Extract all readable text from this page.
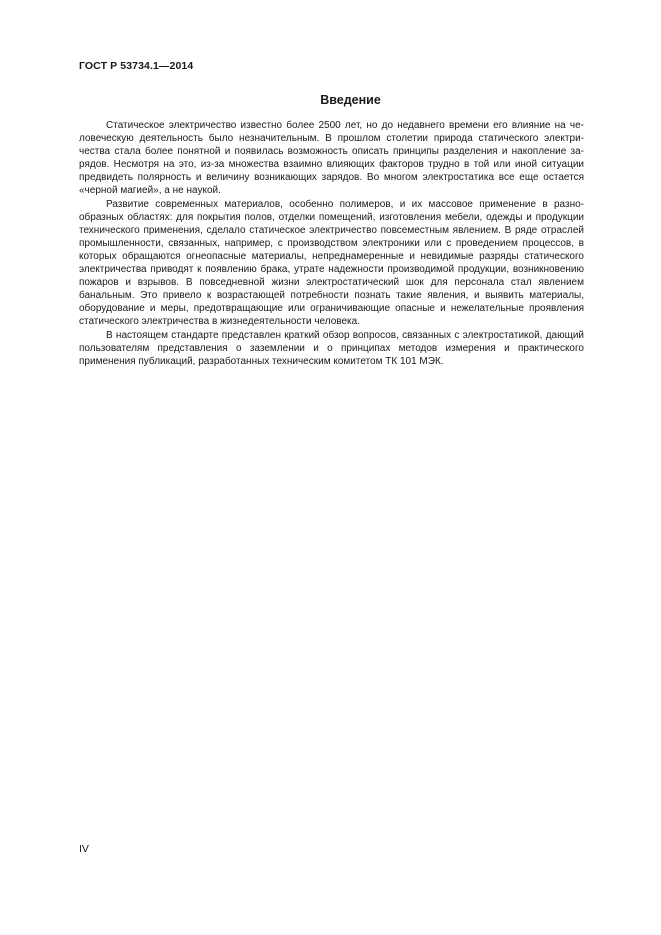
ГОСТ Р 53734.1—2014
Введение

Статическое электричество известно более 2500 лет, но до недавнего времени его влияние на человеческую деятельность было незначительным. В прошлом столетии природа статического электричества стала более понятной и появилась возможность описать принципы разделения и накопление зарядов. Несмотря на это, из-за множества взаимно влияющих факторов трудно в той или иной ситуации предвидеть полярность и величину возникающих зарядов. Во многом электростатика все еще остается «черной магией», а не наукой.

Развитие современных материалов, особенно полимеров, и их массовое применение в разнообразных областях: для покрытия полов, отделки помещений, изготовления мебели, одежды и продукции технического применения, сделало статическое электричество повсеместным явлением. В ряде отраслей промышленности, связанных, например, с производством электроники или с проведением процессов, в которых обращаются огнеопасные материалы, непреднамеренные и невидимые разряды статического электричества приводят к появлению брака, утрате надежности производимой продукции, возникновению пожаров и взрывов. В повседневной жизни электростатический шок для персонала стал явлением банальным. Это привело к возрастающей потребности познать такие явления, и выявить материалы, оборудование и меры, предотвращающие или ограничивающие опасные и нежелательные проявления статического электричества в жизнедеятельности человека.

В настоящем стандарте представлен краткий обзор вопросов, связанных с электростатикой, дающий пользователям представления о заземлении и о принципах методов измерения и практического применения публикаций, разработанных техническим комитетом ТК 101 МЭК.

IV
